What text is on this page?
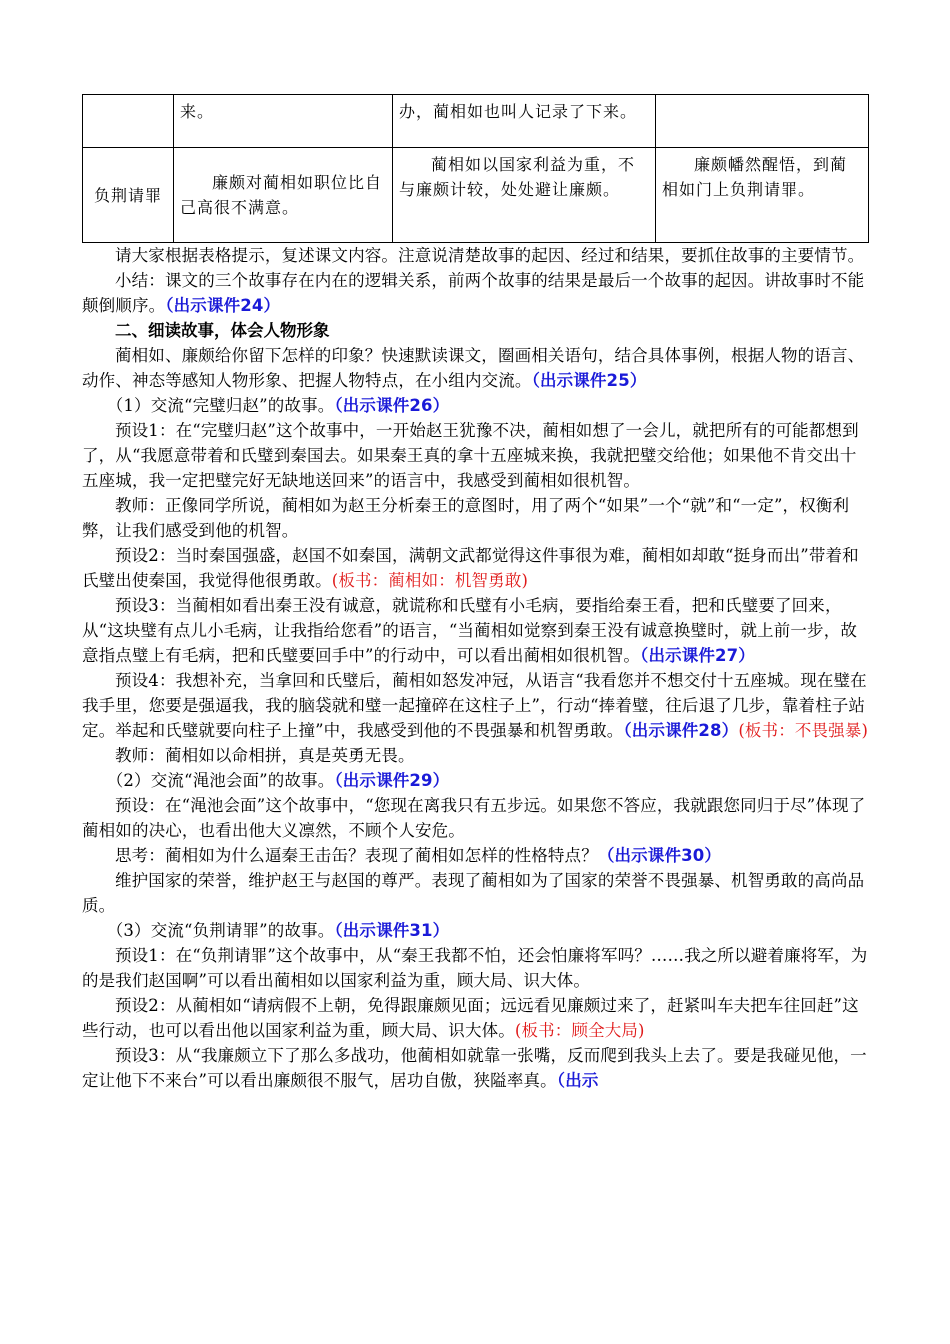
	来。	办，蔺相如也叫人记录了下来。	
负荆请罪	廉颇对蔺相如职位比自己高很不满意。	蔺相如以国家利益为重，不与廉颇计较，处处避让廉颇。	廉颇幡然醒悟，到蔺相如门上负荆请罪。

请大家根据表格提示，复述课文内容。注意说清楚故事的起因、经过和结果，要抓住故事的主要情节。

小结：课文的三个故事存在内在的逻辑关系，前两个故事的结果是最后一个故事的起因。讲故事时不能颠倒顺序。（出示课件24）

二、细读故事，体会人物形象

蔺相如、廉颇给你留下怎样的印象？快速默读课文，圈画相关语句，结合具体事例，根据人物的语言、动作、神态等感知人物形象、把握人物特点，在小组内交流。（出示课件25）

（1）交流“完璧归赵”的故事。（出示课件26）

预设1：在“完璧归赵”这个故事中，一开始赵王犹豫不决，蔺相如想了一会儿，就把所有的可能都想到了，从“我愿意带着和氏璧到秦国去。如果秦王真的拿十五座城来换，我就把璧交给他；如果他不肯交出十五座城，我一定把璧完好无缺地送回来”的语言中，我感受到蔺相如很机智。

教师：正像同学所说，蔺相如为赵王分析秦王的意图时，用了两个“如果”一个“就”和“一定”，权衡利弊，让我们感受到他的机智。

预设2：当时秦国强盛，赵国不如秦国，满朝文武都觉得这件事很为难，蔺相如却敢“挺身而出”带着和氏璧出使秦国，我觉得他很勇敢。(板书：蔺相如：机智勇敢)

预设3：当蔺相如看出秦王没有诚意，就谎称和氏璧有小毛病，要指给秦王看，把和氏璧要了回来，从“这块璧有点儿小毛病，让我指给您看”的语言，“当蔺相如觉察到秦王没有诚意换璧时，就上前一步，故意指点璧上有毛病，把和氏璧要回手中”的行动中，可以看出蔺相如很机智。（出示课件27）

预设4：我想补充，当拿回和氏璧后，蔺相如怒发冲冠，从语言“我看您并不想交付十五座城。现在璧在我手里，您要是强逼我，我的脑袋就和璧一起撞碎在这柱子上”，行动“捧着璧，往后退了几步，靠着柱子站定。举起和氏璧就要向柱子上撞”中，我感受到他的不畏强暴和机智勇敢。（出示课件28）(板书：不畏强暴)

教师：蔺相如以命相拼，真是英勇无畏。

（2）交流“渑池会面”的故事。（出示课件29）

预设：在“渑池会面”这个故事中，“您现在离我只有五步远。如果您不答应，我就跟您同归于尽”体现了蔺相如的决心，也看出他大义凛然，不顾个人安危。

思考：蔺相如为什么逼秦王击缶？表现了蔺相如怎样的性格特点？（出示课件30）

维护国家的荣誉，维护赵王与赵国的尊严。表现了蔺相如为了国家的荣誉不畏强暴、机智勇敢的高尚品质。

（3）交流“负荆请罪”的故事。（出示课件31）

预设1：在“负荆请罪”这个故事中，从“秦王我都不怕，还会怕廉将军吗？……我之所以避着廉将军，为的是我们赵国啊”可以看出蔺相如以国家利益为重，顾大局、识大体。

预设2：从蔺相如“请病假不上朝，免得跟廉颇见面；远远看见廉颇过来了，赶紧叫车夫把车往回赶”这些行动，也可以看出他以国家利益为重，顾大局、识大体。(板书：顾全大局)

预设3：从“我廉颇立下了那么多战功，他蔺相如就靠一张嘴，反而爬到我头上去了。要是我碰见他，一定让他下不来台”可以看出廉颇很不服气，居功自傲，狭隘率真。（出示
